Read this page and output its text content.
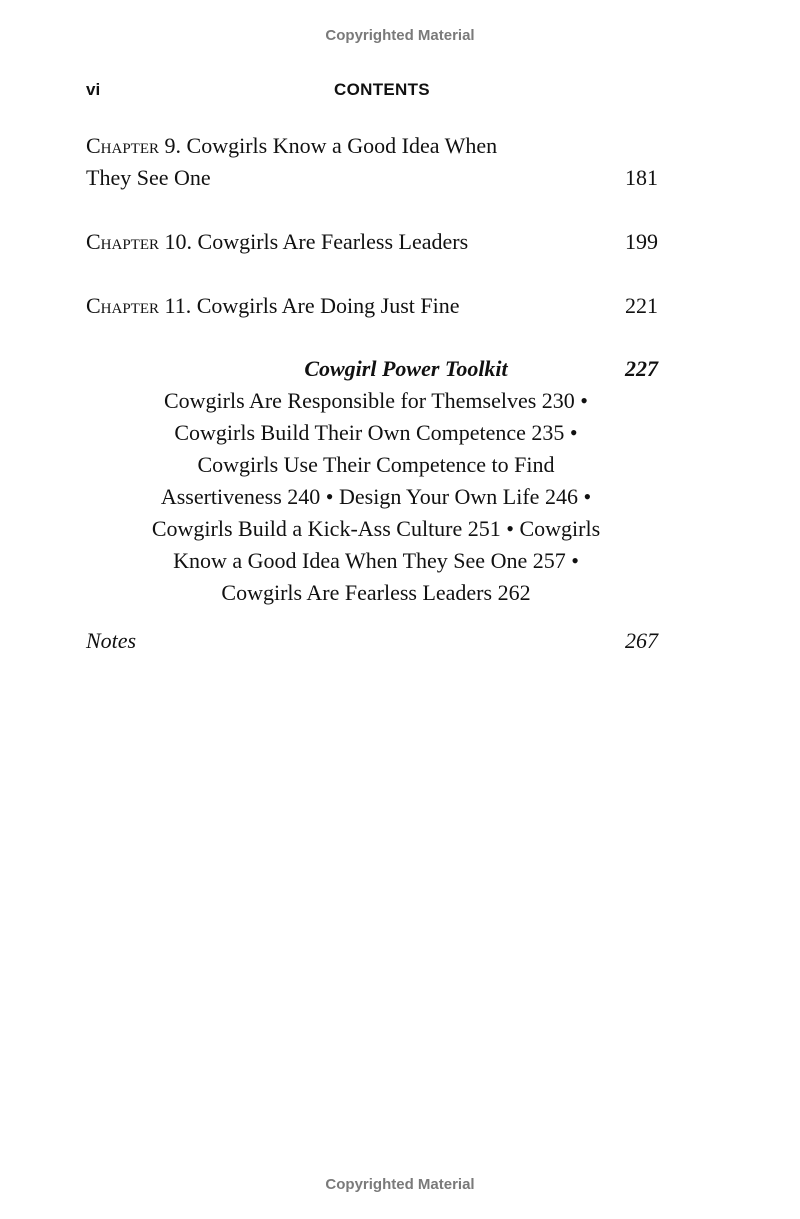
Copyrighted Material
vi	CONTENTS
Chapter 9. Cowgirls Know a Good Idea When
They See One	181
Chapter 10. Cowgirls Are Fearless Leaders	199
Chapter 11. Cowgirls Are Doing Just Fine	221
Cowgirl Power Toolkit	227
Cowgirls Are Responsible for Themselves 230 •
Cowgirls Build Their Own Competence 235 •
Cowgirls Use Their Competence to Find
Assertiveness 240 • Design Your Own Life 246 •
Cowgirls Build a Kick-Ass Culture 251 • Cowgirls
Know a Good Idea When They See One 257 •
Cowgirls Are Fearless Leaders 262
Notes	267
Copyrighted Material
